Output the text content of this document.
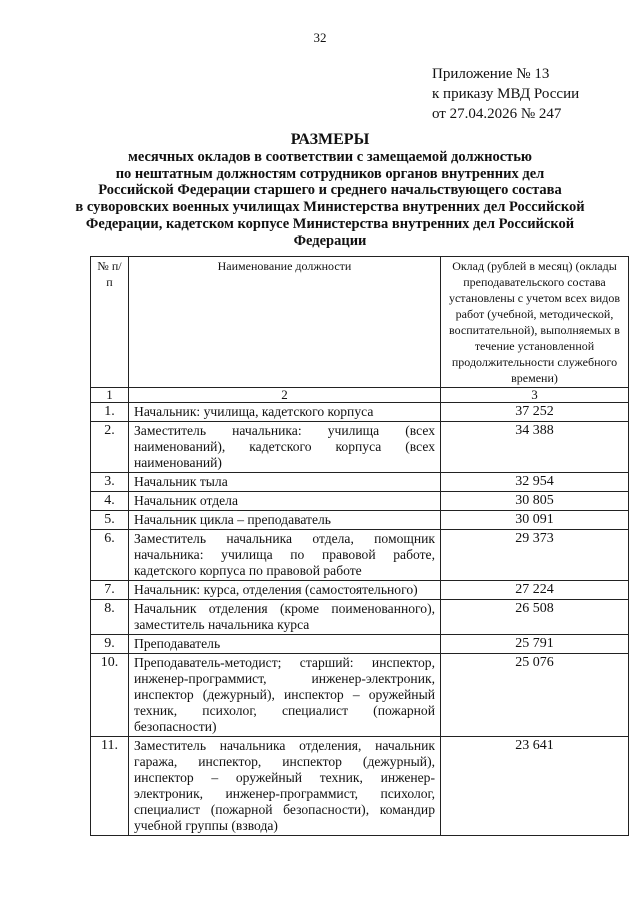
32
Приложение № 13
к приказу МВД России
от 27.04.2026 № 247
РАЗМЕРЫ
месячных окладов в соответствии с замещаемой должностью
по нештатным должностям сотрудников органов внутренних дел
Российской Федерации старшего и среднего начальствующего состава
в суворовских военных училищах Министерства внутренних дел Российской
Федерации, кадетском корпусе Министерства внутренних дел Российской
Федерации
№ п/п	Наименование должности	Оклад (рублей в месяц) (оклады преподавательского состава установлены с учетом всех видов работ (учебной, методической, воспитательной), выполняемых в течение установленной продолжительности служебного времени)
1	2	3
1.	Начальник: училища, кадетского корпуса	37 252
2.	Заместитель начальника: училища (всех наименований), кадетского корпуса (всех наименований)	34 388
3.	Начальник тыла	32 954
4.	Начальник отдела	30 805
5.	Начальник цикла – преподаватель	30 091
6.	Заместитель начальника отдела, помощник начальника: училища по правовой работе, кадетского корпуса по правовой работе	29 373
7.	Начальник: курса, отделения (самостоятельного)	27 224
8.	Начальник отделения (кроме поименованного), заместитель начальника курса	26 508
9.	Преподаватель	25 791
10.	Преподаватель-методист; старший: инспектор, инженер-программист, инженер-электроник, инспектор (дежурный), инспектор – оружейный техник, психолог, специалист (пожарной безопасности)	25 076
11.	Заместитель начальника отделения, начальник гаража, инспектор, инспектор (дежурный), инспектор – оружейный техник, инженер-электроник, инженер-программист, психолог, специалист (пожарной безопасности), командир учебной группы (взвода)	23 641
